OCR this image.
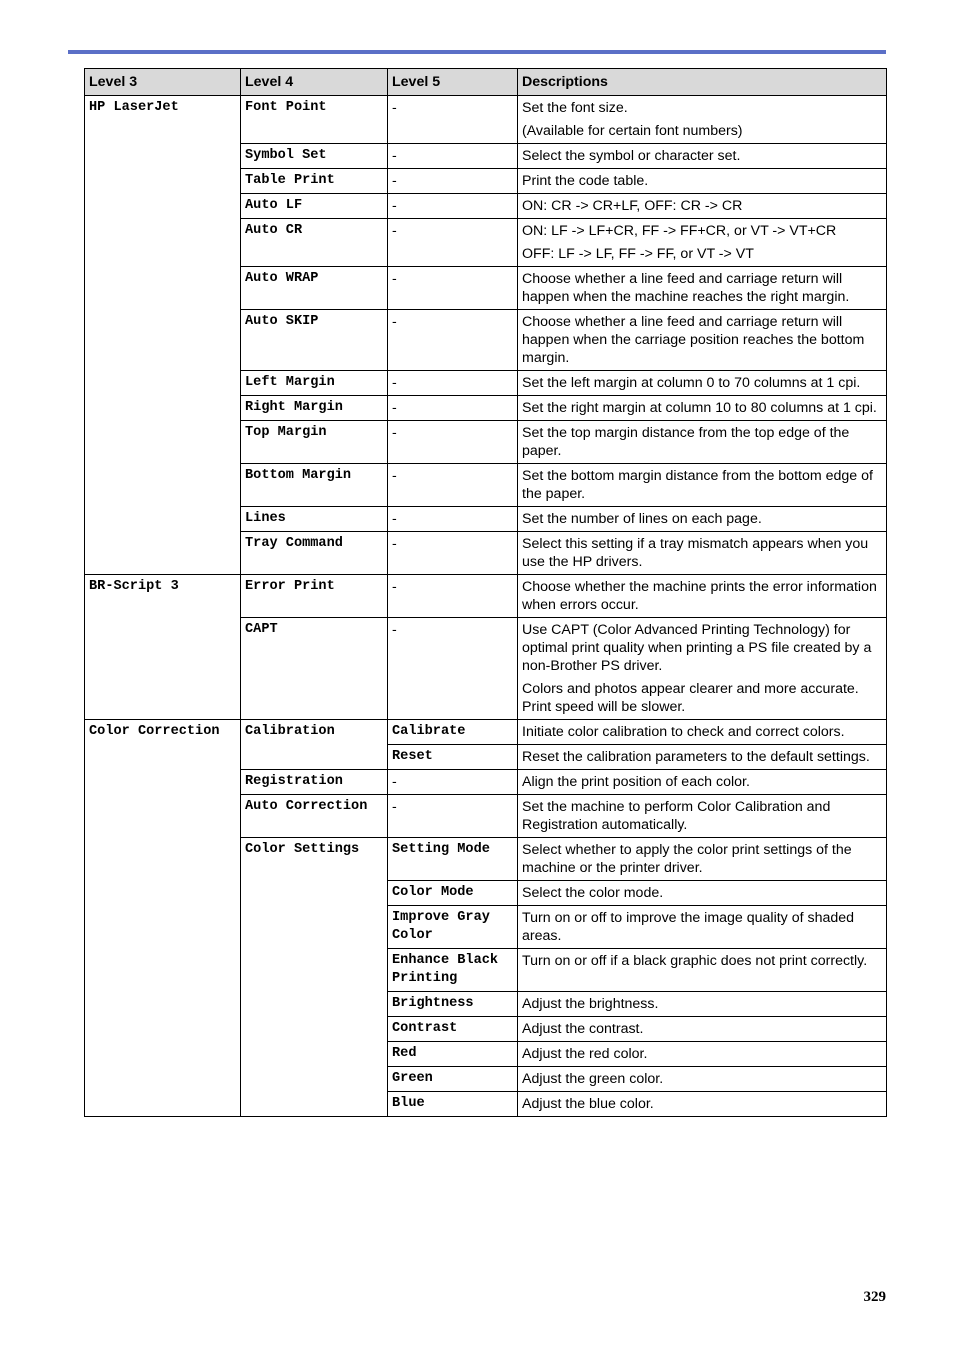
Level 3	Level 4	Level 5	Descriptions
HP LaserJet	Font Point	-	Set the font size.

(Available for certain font numbers)

	Symbol Set	-	Select the symbol or character set.

	Table Print	-	Print the code table.

	Auto LF	-	ON: CR -> CR+LF, OFF: CR -> CR

	Auto CR	-	ON: LF -> LF+CR, FF -> FF+CR, or VT -> VT+CR

OFF: LF -> LF, FF -> FF, or VT -> VT

	Auto WRAP	-	Choose whether a line feed and carriage return will happen when the machine reaches the right margin.

	Auto SKIP	-	Choose whether a line feed and carriage return will happen when the carriage position reaches the bottom margin.

	Left Margin	-	Set the left margin at column 0 to 70 columns at 1 cpi.

	Right Margin	-	Set the right margin at column 10 to 80 columns at 1 cpi.

	Top Margin	-	Set the top margin distance from the top edge of the paper.

	Bottom Margin	-	Set the bottom margin distance from the bottom edge of the paper.

	Lines	-	Set the number of lines on each page.

	Tray Command	-	Select this setting if a tray mismatch appears when you use the HP drivers.

BR-Script 3	Error Print	-	Choose whether the machine prints the error information when errors occur.

	CAPT	-	Use CAPT (Color Advanced Printing Technology) for optimal print quality when printing a PS file created by a non-Brother PS driver.

Colors and photos appear clearer and more accurate. Print speed will be slower.

Color Correction	Calibration	Calibrate	Initiate color calibration to check and correct colors.

		Reset	Reset the calibration parameters to the default settings.

	Registration	-	Align the print position of each color.

	Auto Correction	-	Set the machine to perform Color Calibration and Registration automatically.

	Color Settings	Setting Mode	Select whether to apply the color print settings of the machine or the printer driver.

		Color Mode	Select the color mode.

		Improve Gray Color	Turn on or off to improve the image quality of shaded areas.

		Enhance Black Printing	Turn on or off if a black graphic does not print correctly.

		Brightness	Adjust the brightness.

		Contrast	Adjust the contrast.

		Red	Adjust the red color.

		Green	Adjust the green color.

		Blue	Adjust the blue color.

329
